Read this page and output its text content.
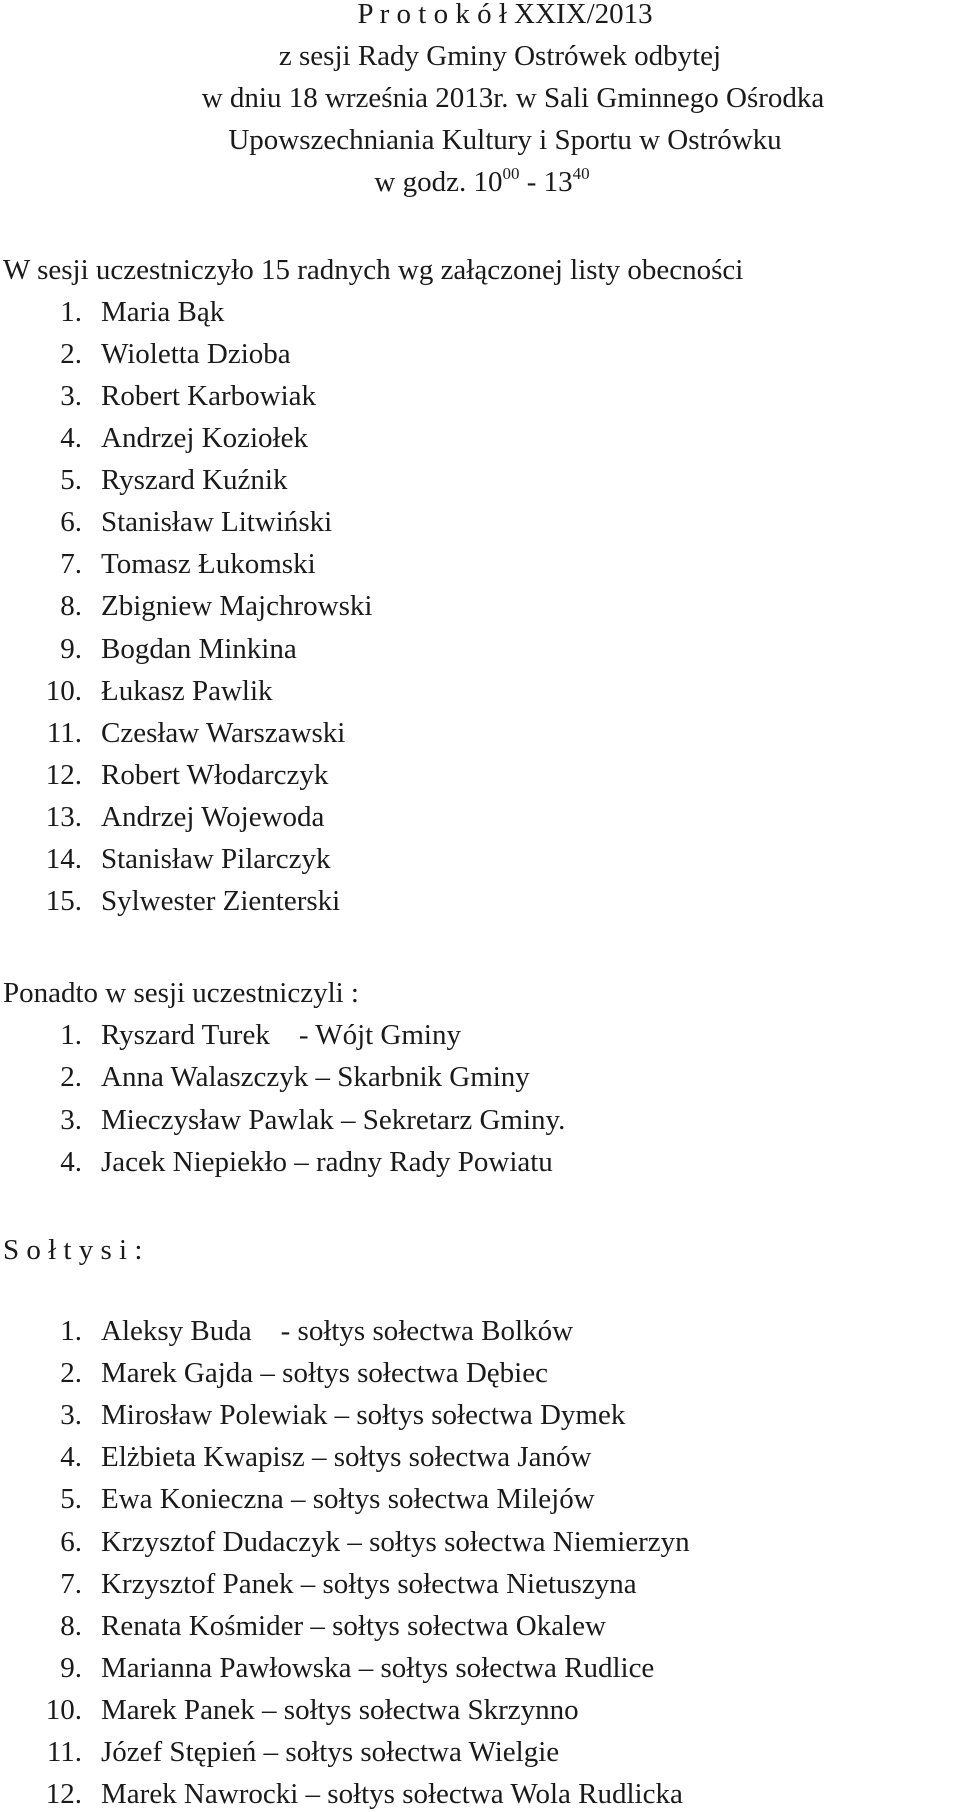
P r o t o k ó ł XXIX/2013
z sesji Rady Gminy Ostrówek odbytej
w dniu 18 września 2013r. w Sali Gminnego Ośrodka
Upowszechniania Kultury i Sportu w Ostrówku
w godz. $10^{00} - 13^{40}$
W sesji uczestniczyło 15 radnych wg załączonej listy obecności
1. Maria Bąk
2. Wioletta Dzioba
3. Robert Karbowiak
4. Andrzej Koziołek
5. Ryszard Kuźnik
6. Stanisław Litwiński
7. Tomasz Łukomski
8. Zbigniew Majchrowski
9. Bogdan Minkina
10. Łukasz Pawlik
11. Czesław Warszawski
12. Robert Włodarczyk
13. Andrzej Wojewoda
14. Stanisław Pilarczyk
15. Sylwester Zienterski
Ponadto w sesji uczestniczyli :
1. Ryszard Turek    - Wójt Gminy
2. Anna Walaszczyk – Skarbnik Gminy
3. Mieczysław Pawlak – Sekretarz Gminy.
4. Jacek Niepiekło – radny Rady Powiatu
S o ł t y s i :
1. Aleksy Buda    - sołtys sołectwa Bolków
2. Marek Gajda – sołtys sołectwa Dębiec
3. Mirosław Polewiak – sołtys sołectwa Dymek
4. Elżbieta Kwapisz – sołtys sołectwa Janów
5. Ewa Konieczna – sołtys sołectwa Milejów
6. Krzysztof Dudaczyk – sołtys sołectwa Niemierzyn
7. Krzysztof Panek – sołtys sołectwa Nietuszyna
8. Renata Kośmider – sołtys sołectwa Okalew
9. Marianna Pawłowska – sołtys sołectwa Rudlice
10. Marek Panek – sołtys sołectwa Skrzynno
11. Józef Stępień – sołtys sołectwa Wielgie
12. Marek Nawrocki – sołtys sołectwa Wola Rudlicka
